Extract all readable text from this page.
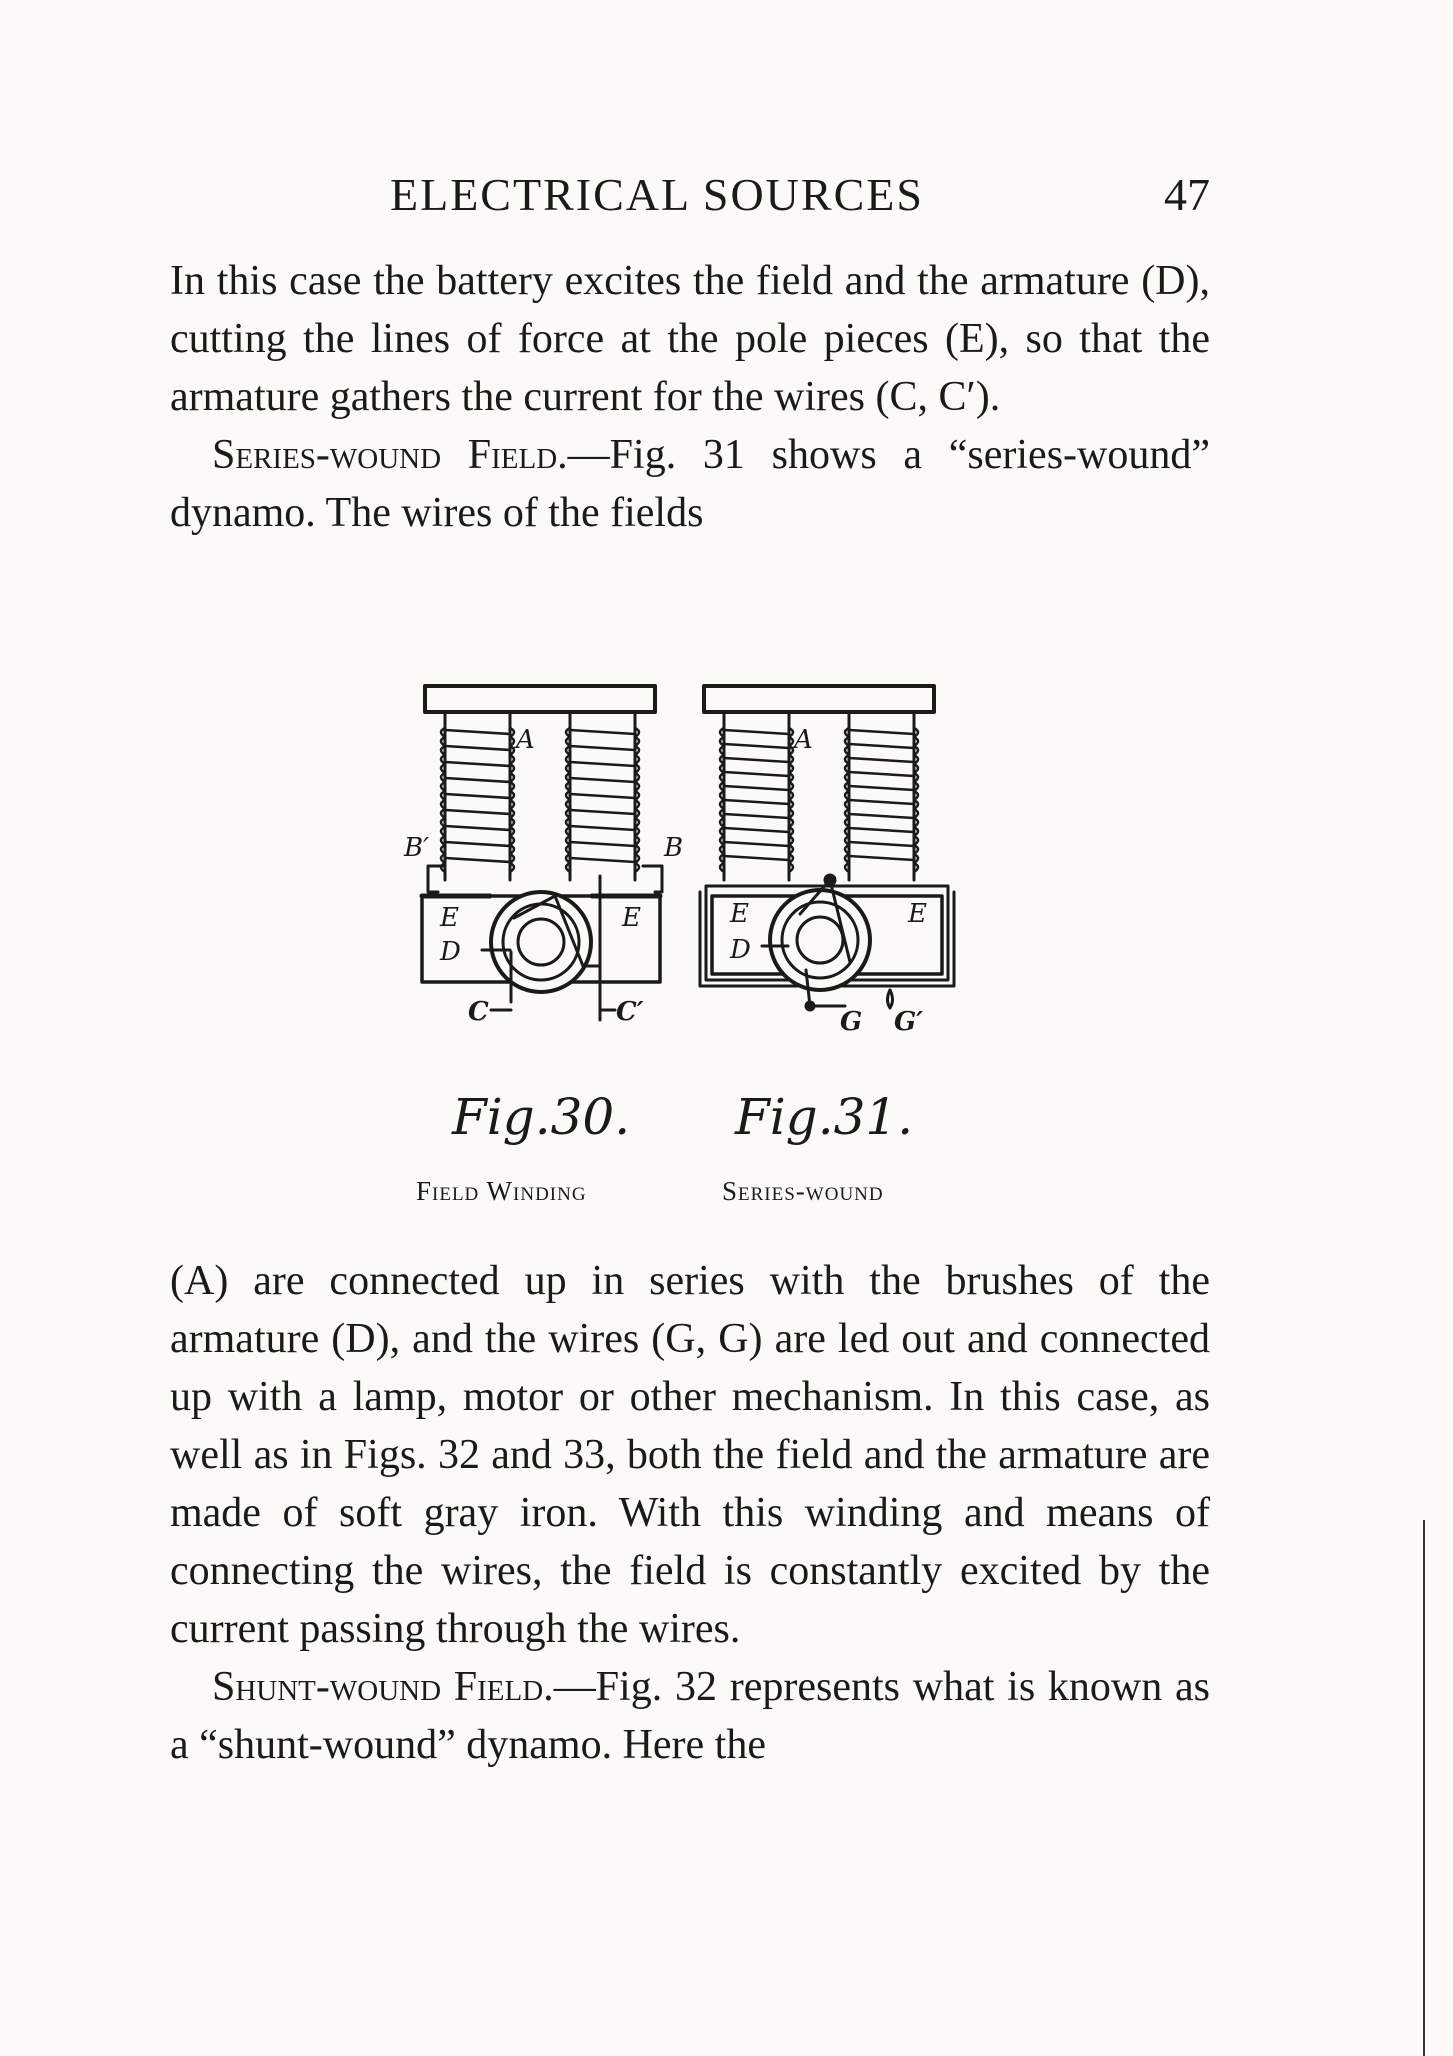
ELECTRICAL SOURCES	47

In this case the battery excites the field and the armature (D), cutting the lines of force at the pole pieces (E), so that the armature gathers the current for the wires (C, C′).

Series-wound Field.—Fig. 31 shows a “series-wound” dynamo. The wires of the fields

A
B
B′
E	E
D
C	C′
A
E	E
D
G G′
Fig.30. Fig.31.
Field Winding	Series-wound

(A) are connected up in series with the brushes of the armature (D), and the wires (G, G) are led out and connected up with a lamp, motor or other mechanism. In this case, as well as in Figs. 32 and 33, both the field and the armature are made of soft gray iron. With this winding and means of connecting the wires, the field is constantly excited by the current passing through the wires.

Shunt-wound Field.—Fig. 32 represents what is known as a “shunt-wound” dynamo. Here the
